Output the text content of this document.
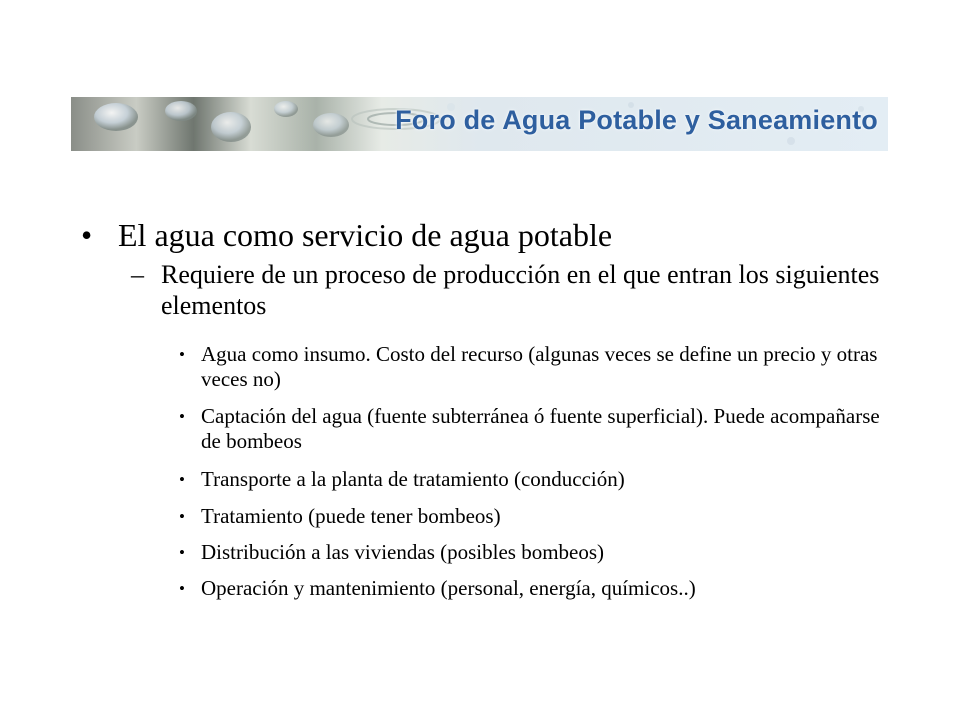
Foro de Agua Potable y Saneamiento
• El agua como servicio de agua potable
– Requiere de un proceso de producción en el que entran los siguientes elementos
• Agua como insumo. Costo del recurso (algunas veces se define un precio y otras veces no)
• Captación del agua (fuente subterránea ó fuente superficial). Puede acompañarse de bombeos
• Transporte a la planta de tratamiento (conducción)
• Tratamiento (puede tener bombeos)
• Distribución a las viviendas (posibles bombeos)
• Operación y mantenimiento (personal, energía, químicos..)
